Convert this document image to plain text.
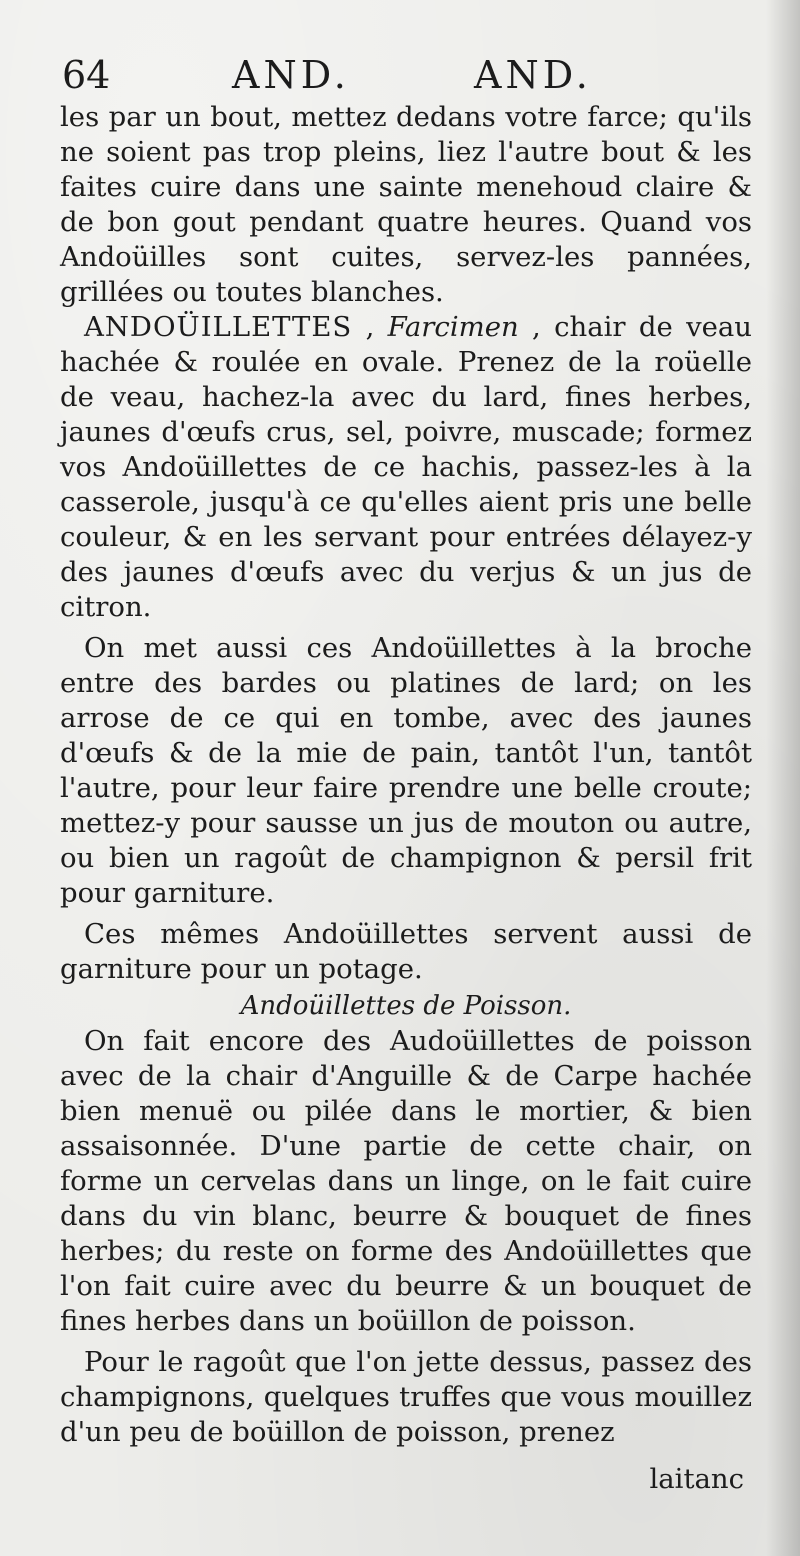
64	AND.	AND.

les par un bout, mettez dedans votre farce; qu'ils ne soient pas trop pleins, liez l'autre bout & les faites cuire dans une sainte menehoud claire & de bon gout pendant quatre heures. Quand vos Andoüilles sont cuites, servez-les pannées, grillées ou toutes blanches.

ANDOÜILLETTES , Farcimen , chair de veau hachée & roulée en ovale. Prenez de la roüelle de veau, hachez-la avec du lard, fines herbes, jaunes d'œufs crus, sel, poivre, muscade; formez vos Andoüillettes de ce hachis, passez-les à la casserole, jusqu'à ce qu'elles aient pris une belle couleur, & en les servant pour entrées délayez-y des jaunes d'œufs avec du verjus & un jus de citron.

On met aussi ces Andoüillettes à la broche entre des bardes ou platines de lard; on les arrose de ce qui en tombe, avec des jaunes d'œufs & de la mie de pain, tantôt l'un, tantôt l'autre, pour leur faire prendre une belle croute; mettez-y pour sausse un jus de mouton ou autre, ou bien un ragoût de champignon & persil frit pour garniture.

Ces mêmes Andoüillettes servent aussi de garniture pour un potage.

Andoüillettes de Poisson.

On fait encore des Audoüillettes de poisson avec de la chair d'Anguille & de Carpe hachée bien menuë ou pilée dans le mortier, & bien assaisonnée. D'une partie de cette chair, on forme un cervelas dans un linge, on le fait cuire dans du vin blanc, beurre & bouquet de fines herbes; du reste on forme des Andoüillettes que l'on fait cuire avec du beurre & un bouquet de fines herbes dans un boüillon de poisson.

Pour le ragoût que l'on jette dessus, passez des champignons, quelques truffes que vous mouillez d'un peu de boüillon de poisson, prenez

laitanc
